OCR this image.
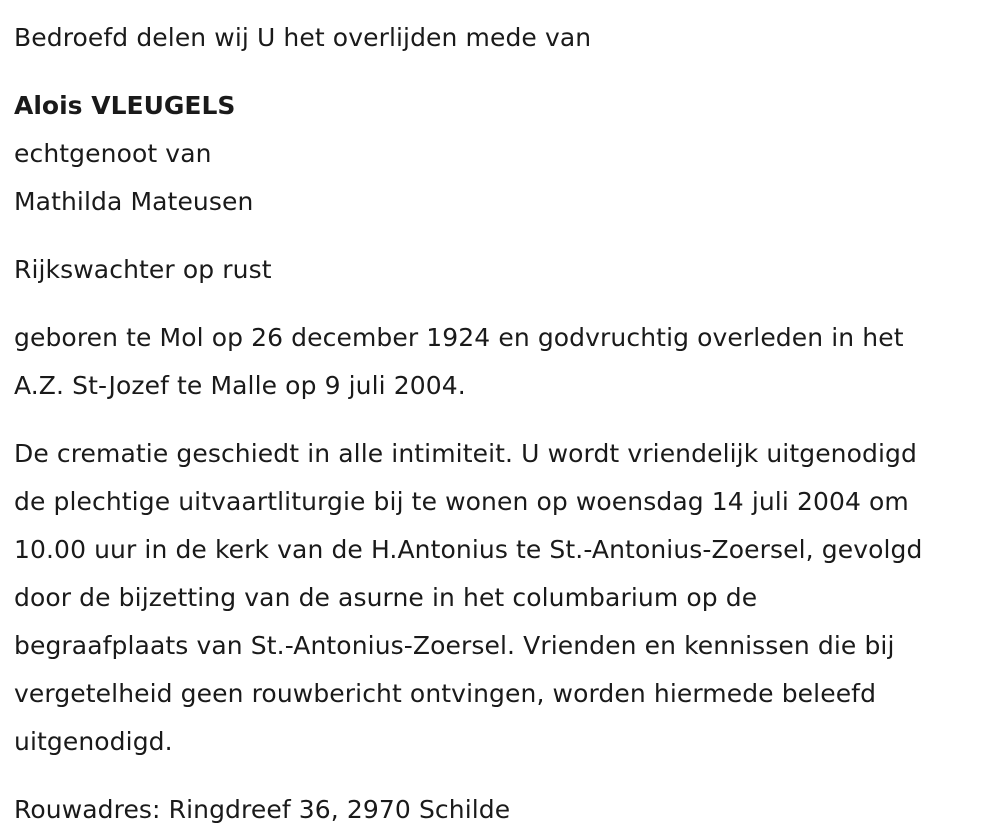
Bedroefd delen wij U het overlijden mede van
Alois VLEUGELS
echtgenoot van
Mathilda Mateusen
Rijkswachter op rust
geboren te Mol op 26 december 1924 en godvruchtig overleden in het
A.Z. St-Jozef te Malle op 9 juli 2004.
De crematie geschiedt in alle intimiteit. U wordt vriendelijk uitgenodigd
de plechtige uitvaartliturgie bij te wonen op woensdag 14 juli 2004 om
10.00 uur in de kerk van de H.Antonius te St.-Antonius-Zoersel, gevolgd
door de bijzetting van de asurne in het columbarium op de
begraafplaats van St.-Antonius-Zoersel. Vrienden en kennissen die bij
vergetelheid geen rouwbericht ontvingen, worden hiermede beleefd
uitgenodigd.
Rouwadres: Ringdreef 36, 2970 Schilde
